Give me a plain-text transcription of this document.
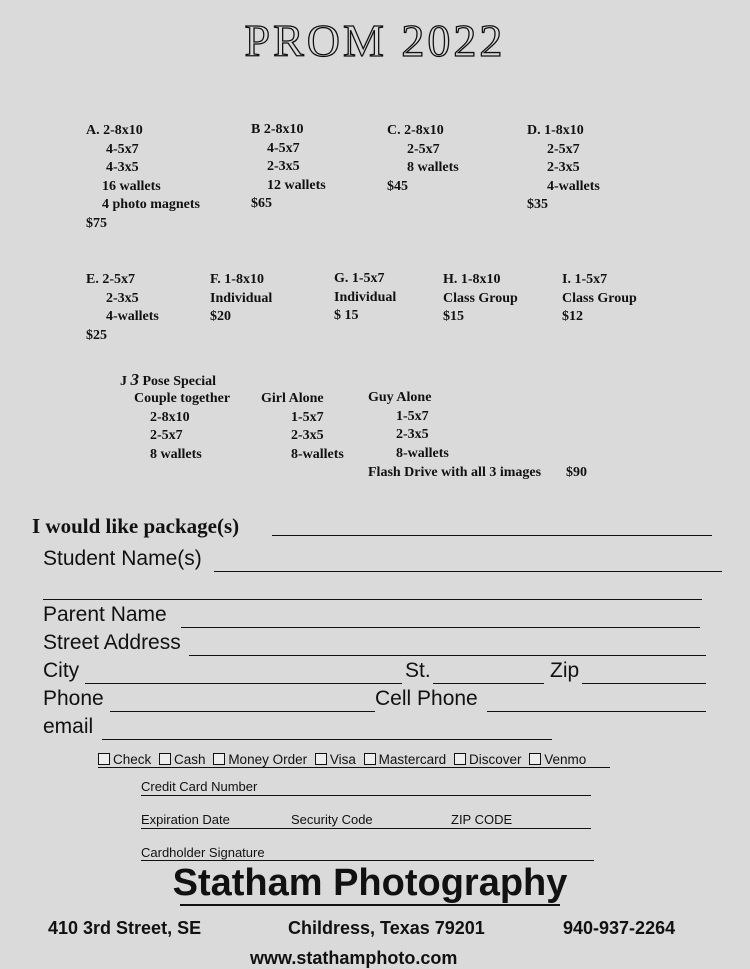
PROM 2022
A. 2-8x10
4-5x7
4-3x5
16 wallets
4 photo magnets
$75
B 2-8x10
4-5x7
2-3x5
12 wallets
$65
C. 2-8x10
2-5x7
8 wallets
$45
D. 1-8x10
2-5x7
2-3x5
4-wallets
$35
E. 2-5x7
2-3x5
4-wallets
$25
F. 1-8x10
Individual
$20
G. 1-5x7
Individual
$ 15
H. 1-8x10
Class Group
$15
I. 1-5x7
Class Group
$12
J 3 Pose Special
Couple together
2-8x10
2-5x7
8 wallets
Girl Alone
1-5x7
2-3x5
8-wallets
Guy Alone
1-5x7
2-3x5
8-wallets
Flash Drive with all 3 images $90
I would like package(s)
Student Name(s)
Parent Name
Street Address
City	St.	Zip
Phone	Cell Phone
email
Check Cash Money Order Visa Mastercard Discover Venmo
Credit Card Number
Expiration Date	Security Code	ZIP CODE
Cardholder Signature
Statham Photography
410 3rd Street, SE	Childress, Texas 79201	940-937-2264
www.stathamphoto.com
